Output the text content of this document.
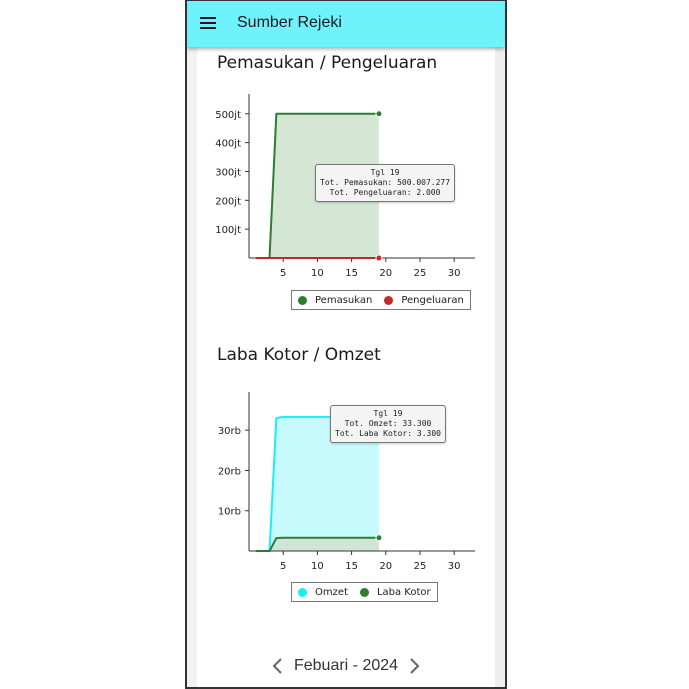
Sumber Rejeki
Pemasukan / Pengeluaran
100jt
200jt
300jt
400jt
500jt
5 10 15 20 25 30
Tgl 19
Tot. Pemasukan: 500.007.277
Tot. Pengeluaran: 2.000
Pemasukan	Pengeluaran
Laba Kotor / Omzet
10rb
20rb
30rb
5 10 15 20 25 30
Tgl 19
Tot. Omzet: 33.300
Tot. Laba Kotor: 3.300
Omzet	Laba Kotor
Febuari - 2024
